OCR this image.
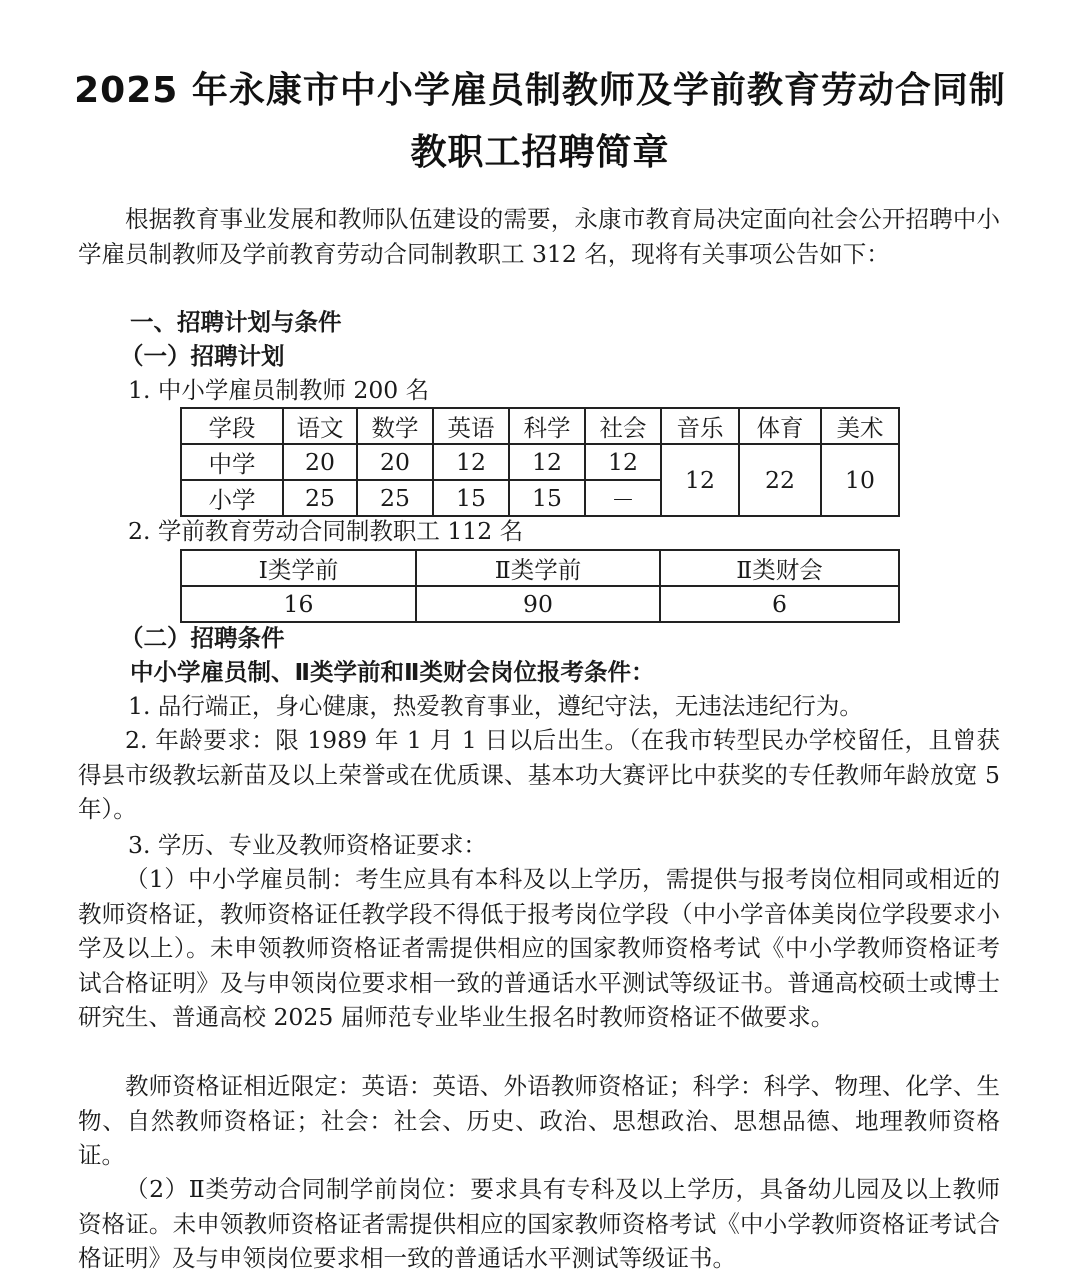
2025 年永康市中小学雇员制教师及学前教育劳动合同制
教职工招聘简章

根据教育事业发展和教师队伍建设的需要，永康市教育局决定面向社会公开招聘中小学雇员制教师及学前教育劳动合同制教职工 312 名，现将有关事项公告如下：

一、招聘计划与条件
（一）招聘计划
1. 中小学雇员制教师 200 名
学段	语文	数学	英语	科学	社会	音乐	体育	美术
中学	20	20	12	12	12	12	22	10
小学	25	25	15	15	－			
2. 学前教育劳动合同制教职工 112 名
Ⅰ类学前	Ⅱ类学前	Ⅱ类财会
16	90	6
（二）招聘条件
中小学雇员制、Ⅱ类学前和Ⅱ类财会岗位报考条件：
1. 品行端正，身心健康，热爱教育事业，遵纪守法，无违法违纪行为。

2. 年龄要求：限 1989 年 1 月 1 日以后出生。（在我市转型民办学校留任，且曾获得县市级教坛新苗及以上荣誉或在优质课、基本功大赛评比中获奖的专任教师年龄放宽 5 年）。

3. 学历、专业及教师资格证要求：

（1）中小学雇员制：考生应具有本科及以上学历，需提供与报考岗位相同或相近的教师资格证，教师资格证任教学段不得低于报考岗位学段（中小学音体美岗位学段要求小学及以上）。未申领教师资格证者需提供相应的国家教师资格考试《中小学教师资格证考试合格证明》及与申领岗位要求相一致的普通话水平测试等级证书。普通高校硕士或博士研究生、普通高校 2025 届师范专业毕业生报名时教师资格证不做要求。

教师资格证相近限定：英语：英语、外语教师资格证；科学：科学、物理、化学、生物、自然教师资格证；社会：社会、历史、政治、思想政治、思想品德、地理教师资格证。

（2）Ⅱ类劳动合同制学前岗位：要求具有专科及以上学历，具备幼儿园及以上教师资格证。未申领教师资格证者需提供相应的国家教师资格考试《中小学教师资格证考试合格证明》及与申领岗位要求相一致的普通话水平测试等级证书。
